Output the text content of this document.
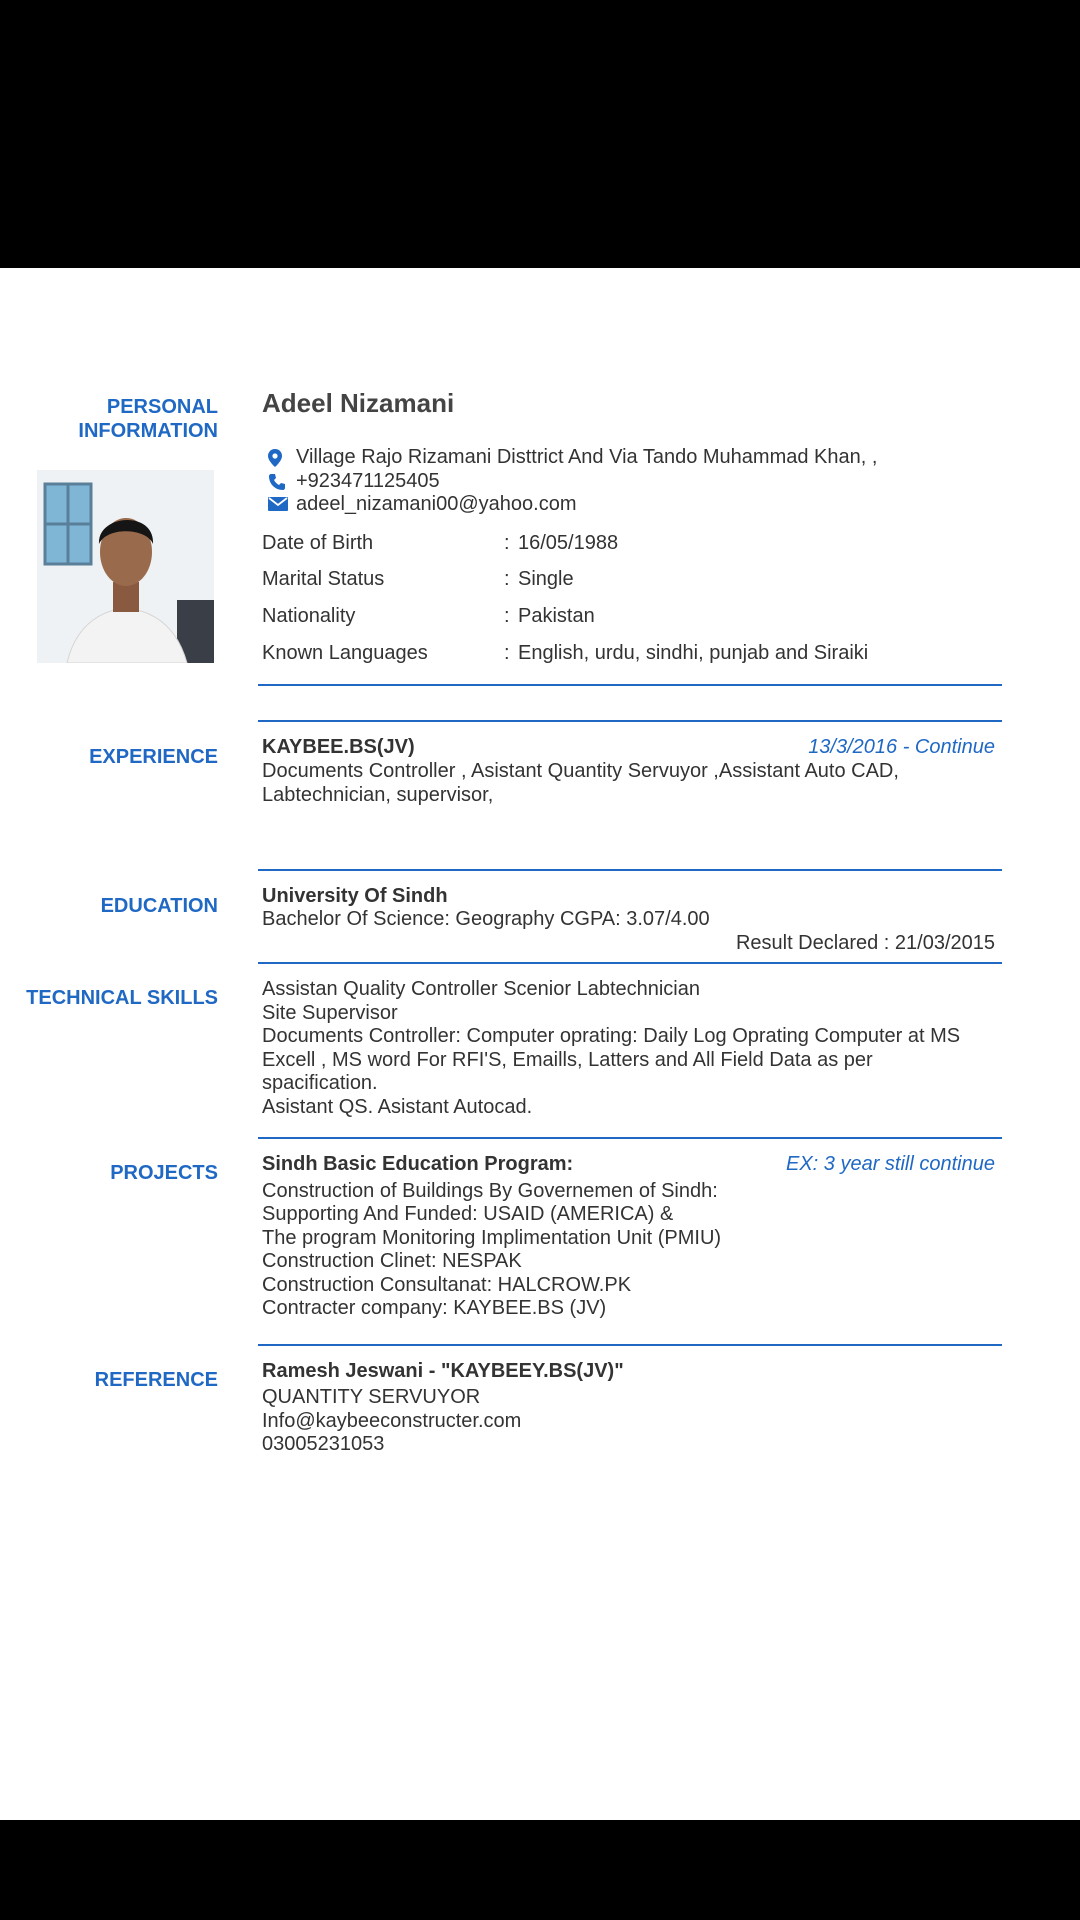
PERSONAL INFORMATION
Adeel Nizamani
Village Rajo Rizamani Disttrict And Via Tando Muhammad Khan, ,
+923471125405
adeel_nizamani00@yahoo.com
Date of Birth	: 16/05/1988
Marital Status	: Single
Nationality	: Pakistan
Known Languages	: English, urdu, sindhi, punjab and Siraiki
EXPERIENCE KAYBEE.BS(JV)	13/3/2016 - Continue
Documents Controller , Asistant Quantity Servuyor ,Assistant Auto CAD,
Labtechnician, supervisor,
EDUCATION University Of Sindh
Bachelor Of Science: Geography CGPA: 3.07/4.00
Result Declared : 21/03/2015
TECHNICAL SKILLS Assistan Quality Controller Scenior Labtechnician
Site Supervisor
Documents Controller: Computer oprating: Daily Log Oprating Computer at MS
Excell , MS word For RFI'S, Emaills, Latters and All Field Data as per
spacification.
Asistant QS. Asistant Autocad.
PROJECTS Sindh Basic Education Program:	EX: 3 year still continue
Construction of Buildings By Governemen of Sindh:
Supporting And Funded: USAID (AMERICA) &
The program Monitoring Implimentation Unit (PMIU)
Construction Clinet: NESPAK
Construction Consultanat: HALCROW.PK
Contracter company: KAYBEE.BS (JV)
REFERENCE Ramesh Jeswani - "KAYBEEY.BS(JV)"
QUANTITY SERVUYOR
Info@kaybeeconstructer.com
03005231053
